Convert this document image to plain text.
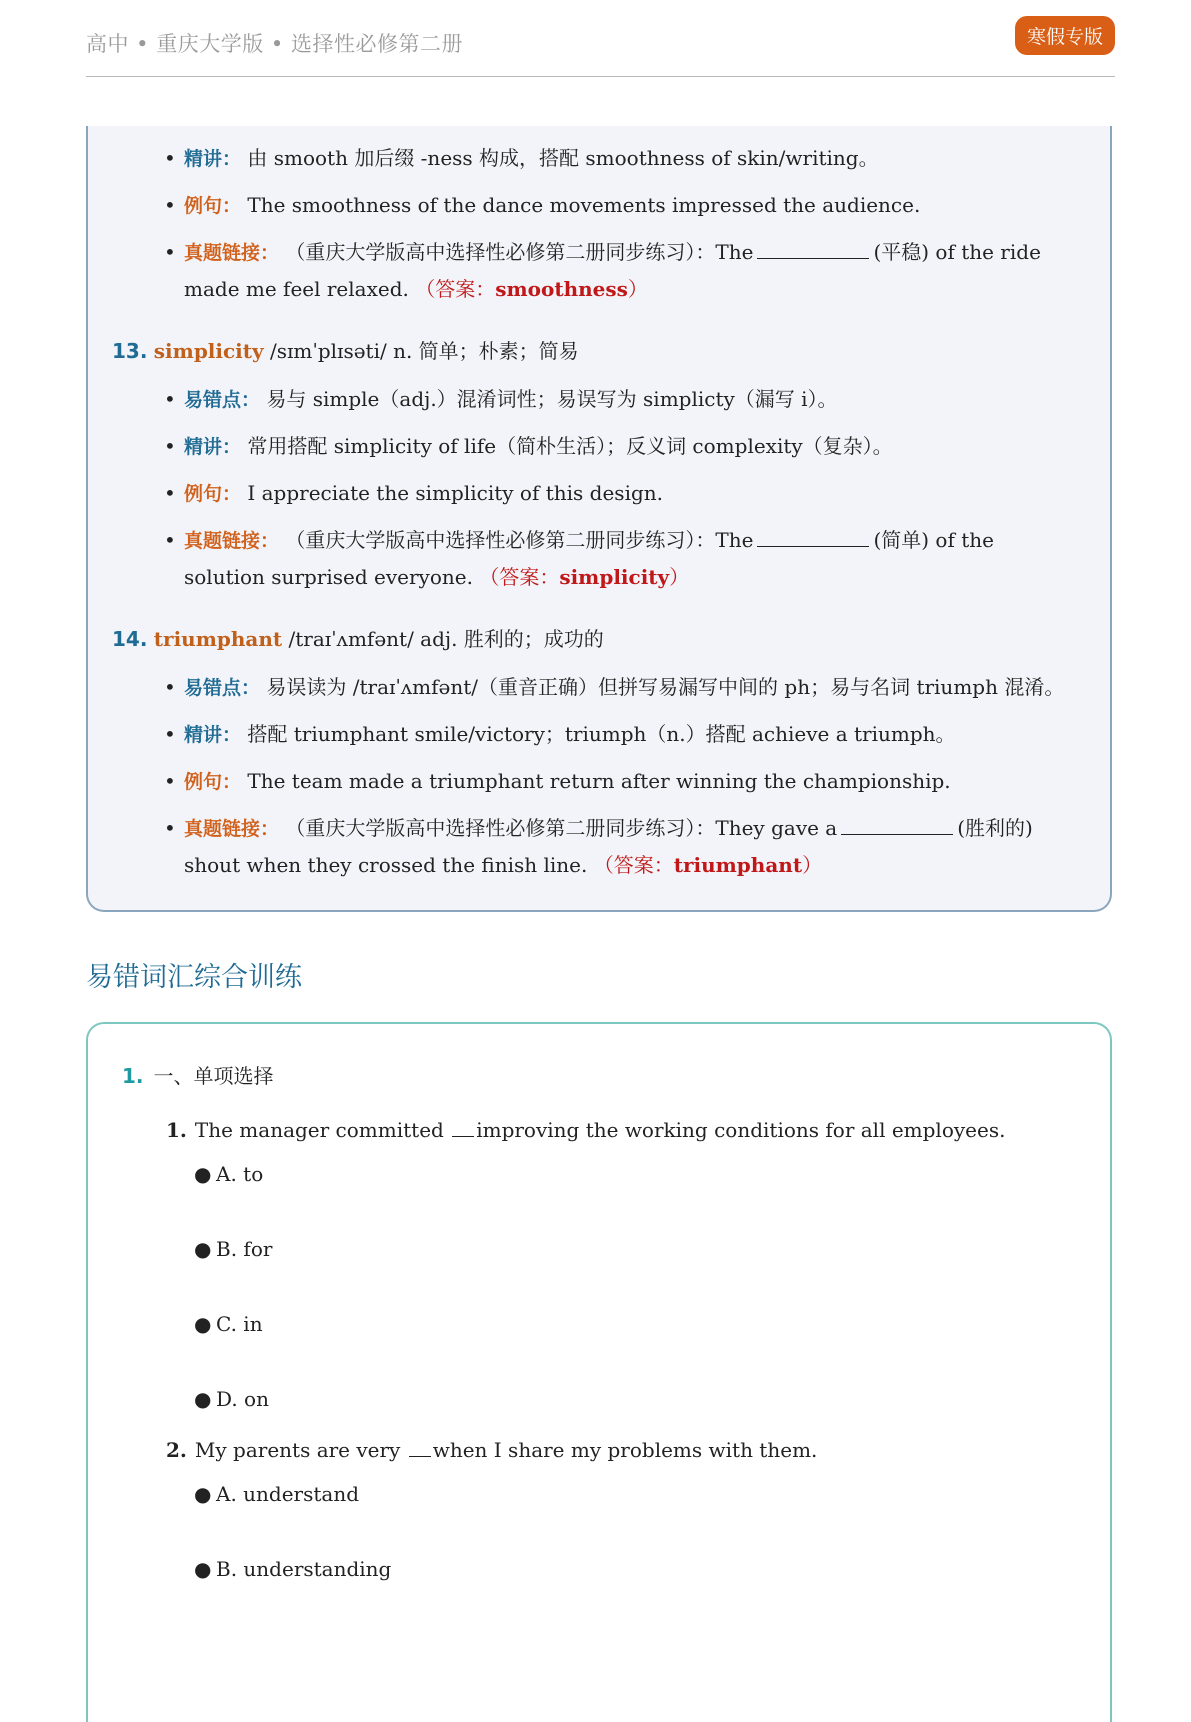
高中 • 重庆大学版 • 选择性必修第二册	寒假专版
• 精讲： 由 smooth 加后缀 -ness 构成，搭配 smoothness of skin/writing。
• 例句： The smoothness of the dance movements impressed the audience.
• 真题链接： （重庆大学版高中选择性必修第二册同步练习）：The	(平稳) of the ride made me feel relaxed. （答案：smoothness）
13. simplicity /sɪmˈplɪsəti/ n. 简单；朴素；简易
• 易错点： 易与 simple（adj.）混淆词性；易误写为 simplicty（漏写 i）。
• 精讲： 常用搭配 simplicity of life（简朴生活）；反义词 complexity（复杂）。
• 例句： I appreciate the simplicity of this design.
• 真题链接： （重庆大学版高中选择性必修第二册同步练习）：The	(简单) of the solution surprised everyone. （答案：simplicity）
14. triumphant /traɪˈʌmfənt/ adj. 胜利的；成功的
• 易错点： 易误读为 /traɪˈʌmfənt/（重音正确）但拼写易漏写中间的 ph；易与名词 triumph 混淆。
• 精讲： 搭配 triumphant smile/victory；triumph（n.）搭配 achieve a triumph。
• 例句： The team made a triumphant return after winning the championship.
• 真题链接： （重庆大学版高中选择性必修第二册同步练习）：They gave a	(胜利的) shout when they crossed the finish line. （答案：triumphant）
易错词汇综合训练
1. 一、单项选择
1. The manager committed improving the working conditions for all employees.
● A. to
● B. for
● C. in
● D. on
2. My parents are very when I share my problems with them.
● A. understand
● B. understanding
